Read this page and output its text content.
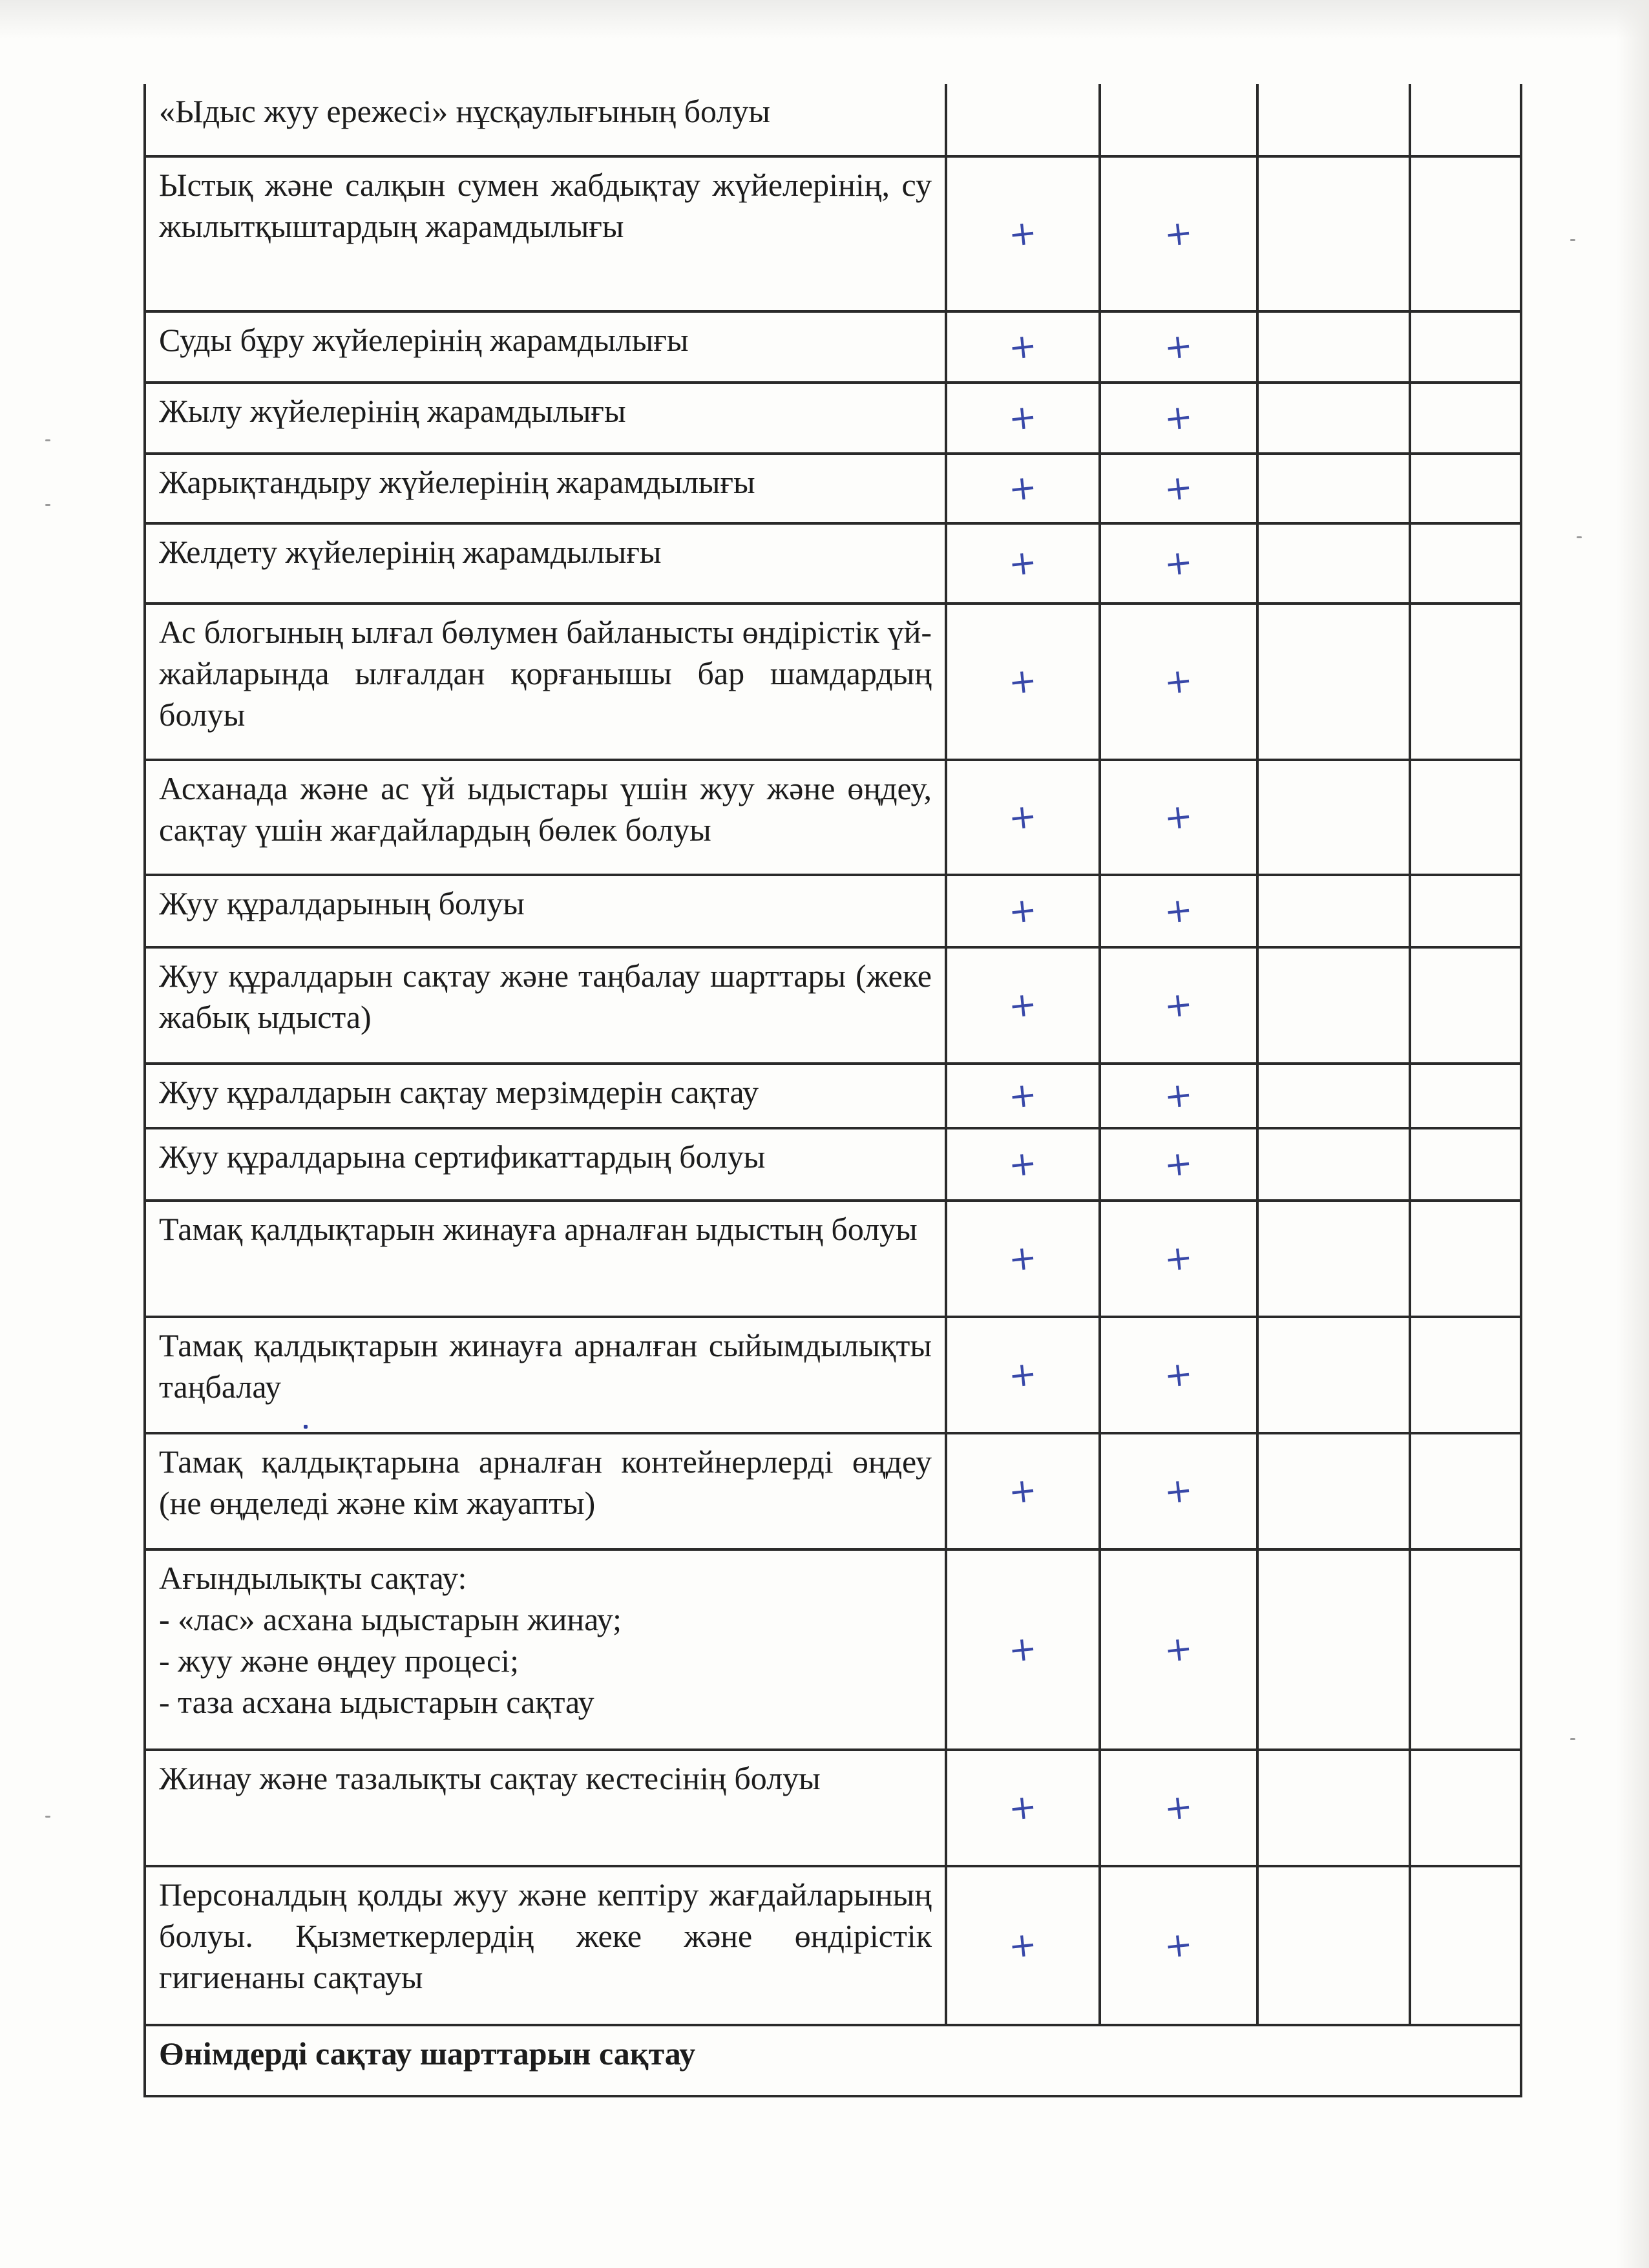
«Ыдыс жуу ережесі» нұсқаулығының болуы				
Ыстық және салқын сумен жабдықтау жүйелерінің, су жылытқыштардың жарамдылығы	+	+		
Суды бұру жүйелерінің жарамдылығы	+	+		
Жылу жүйелерінің жарамдылығы	+	+		
Жарықтандыру жүйелерінің жарамдылығы	+	+		
Желдету жүйелерінің жарамдылығы	+	+		
Ас блогының ылғал бөлумен байланысты өндірістік үй-жайларында ылғалдан қорғанышы бар шамдардың болуы	+	+		
Асханада және ас үй ыдыстары үшін жуу және өңдеу, сақтау үшін жағдайлардың бөлек болуы	+	+		
Жуу құралдарының болуы	+	+		
Жуу құралдарын сақтау және таңбалау шарттары (жеке жабық ыдыста)	+	+		
Жуу құралдарын сақтау мерзімдерін сақтау	+	+		
Жуу құралдарына сертификаттардың болуы	+	+		
Тамақ қалдықтарын жинауға арналған ыдыстың болуы	+	+		
Тамақ қалдықтарын жинауға арналған сыйымдылықты таңбалау	+	+		
Тамақ қалдықтарына арналған контейнерлерді өңдеу (не өңделеді және кім жауапты)	+	+		

Ағындылықты сақтау:
- «лас» асхана ыдыстарын жинау;
- жуу және өңдеу процесі;
- таза асхана ыдыстарын сақтау	+	+		
Жинау және тазалықты сақтау кестесінің болуы	+	+		
Персоналдың қолды жуу және кептіру жағдайларының болуы. Қызметкерлердің жеке және өндірістік гигиенаны сақтауы	+	+		
Өнімдерді сақтау шарттарын сақтау				
